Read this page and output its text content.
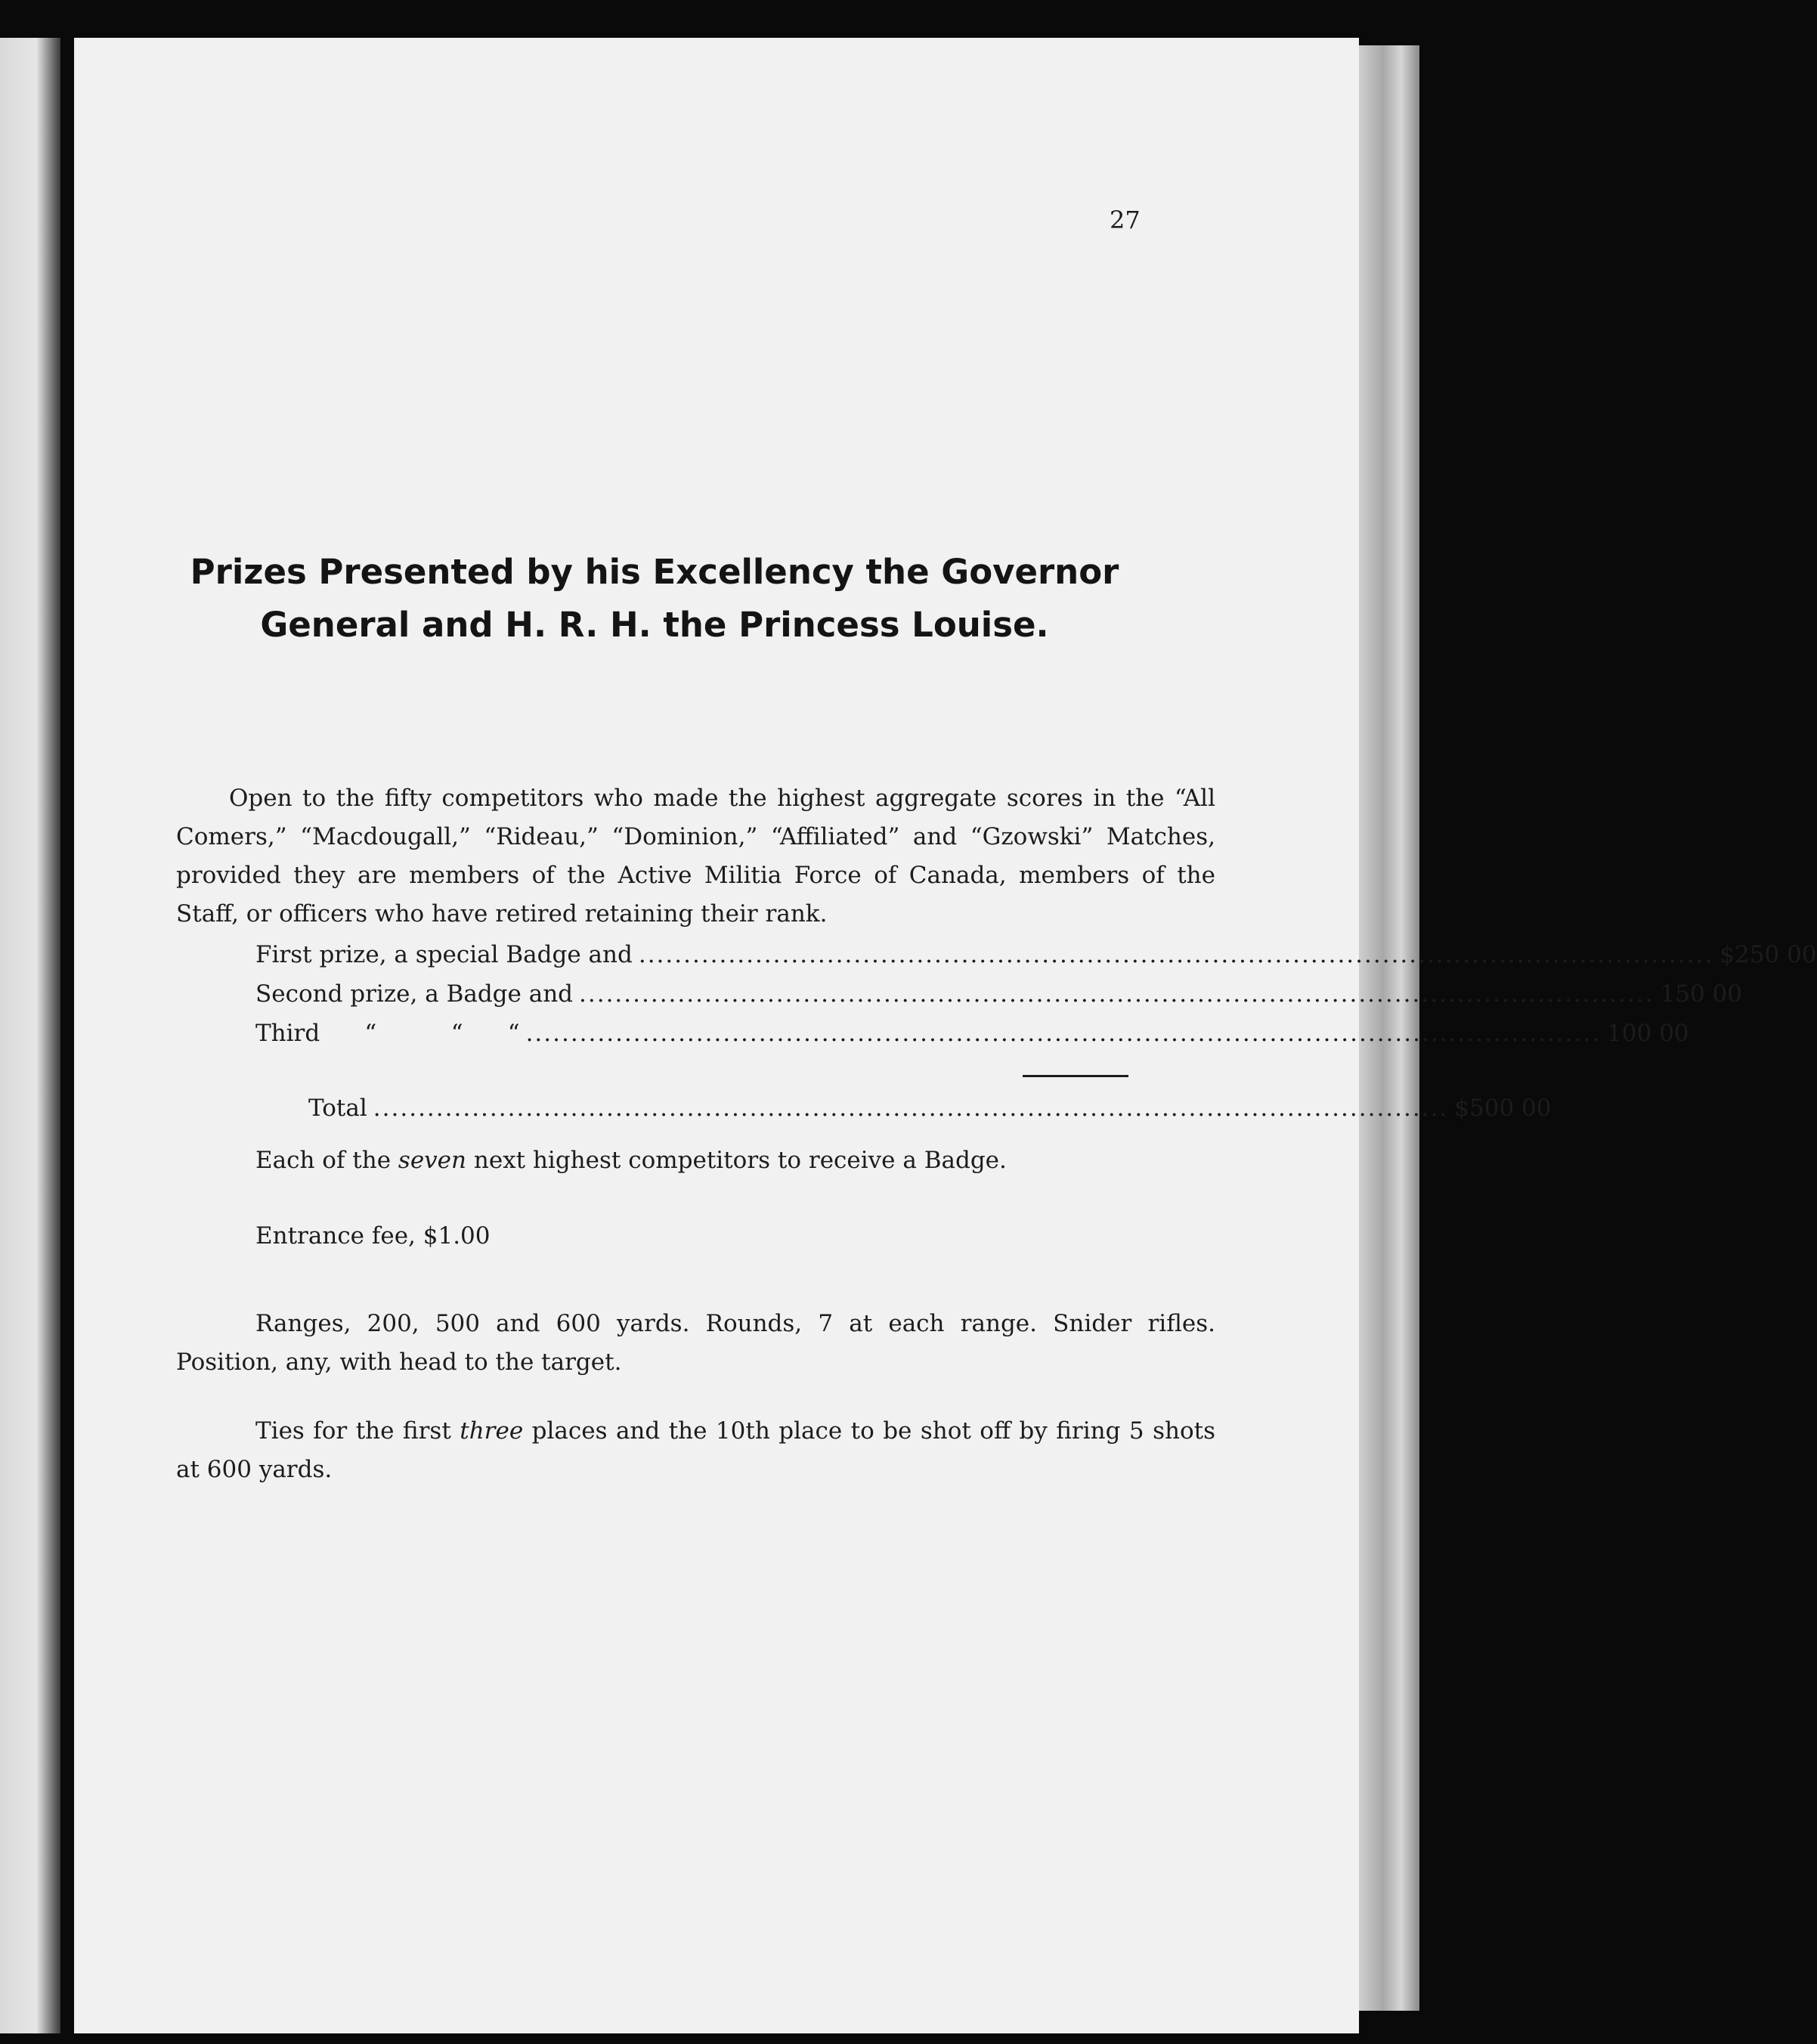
27
Prizes Presented by his Excellency the Governor
General and H. R. H. the Princess Louise.

Open to the fifty competitors who made the highest aggregate scores in the “All Comers,” “Macdougall,” “Rideau,” “Dominion,” “Affiliated” and “Gzowski” Matches, provided they are members of the Active Militia Force of Canada, members of the Staff, or officers who have retired retaining their rank.

First prize, a special Badge and ........................................................................................................................ $250 00
Second prize, a Badge and ........................................................................................................................ 150 00
Third      “          “      “ ........................................................................................................................ 100 00
Total ........................................................................................................................ $500 00

Each of the seven next highest competitors to receive a Badge.

Entrance fee, $1.00

Ranges, 200, 500 and 600 yards. Rounds, 7 at each range. Snider rifles. Position, any, with head to the target.

Ties for the first three places and the 10th place to be shot off by firing 5 shots at 600 yards.
